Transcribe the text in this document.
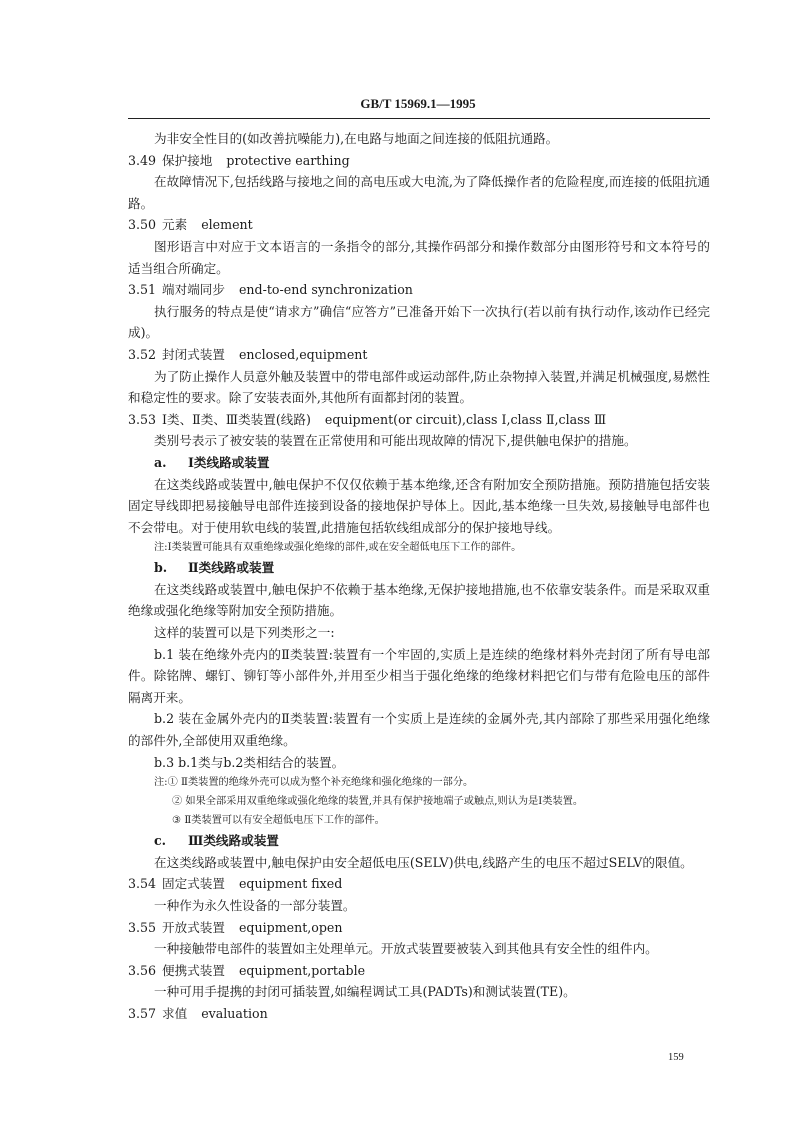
GB/T 15969.1—1995

为非安全性目的(如改善抗噪能力),在电路与地面之间连接的低阻抗通路。

3.49 保护接地 protective earthing

在故障情况下,包括线路与接地之间的高电压或大电流,为了降低操作者的危险程度,而连接的低阻抗通路。

3.50 元素 element

图形语言中对应于文本语言的一条指令的部分,其操作码部分和操作数部分由图形符号和文本符号的适当组合所确定。

3.51 端对端同步 end-to-end synchronization

执行服务的特点是使“请求方”确信“应答方”已准备开始下一次执行(若以前有执行动作,该动作已经完成)。

3.52 封闭式装置 enclosed,equipment

为了防止操作人员意外触及装置中的带电部件或运动部件,防止杂物掉入装置,并满足机械强度,易燃性和稳定性的要求。除了安装表面外,其他所有面都封闭的装置。

3.53 Ⅰ类、Ⅱ类、Ⅲ类装置(线路) equipment(or circuit),class Ⅰ,class Ⅱ,class Ⅲ

类别号表示了被安装的装置在正常使用和可能出现故障的情况下,提供触电保护的措施。

a. Ⅰ类线路或装置

在这类线路或装置中,触电保护不仅仅依赖于基本绝缘,还含有附加安全预防措施。预防措施包括安装固定导线即把易接触导电部件连接到设备的接地保护导体上。因此,基本绝缘一旦失效,易接触导电部件也不会带电。对于使用软电线的装置,此措施包括软线组成部分的保护接地导线。

注:Ⅰ类装置可能具有双重绝缘或强化绝缘的部件,或在安全超低电压下工作的部件。

b. Ⅱ类线路或装置

在这类线路或装置中,触电保护不依赖于基本绝缘,无保护接地措施,也不依靠安装条件。而是采取双重绝缘或强化绝缘等附加安全预防措施。

这样的装置可以是下列类形之一:

b.1 装在绝缘外壳内的Ⅱ类装置:装置有一个牢固的,实质上是连续的绝缘材料外壳封闭了所有导电部件。除铭牌、螺钉、铆钉等小部件外,并用至少相当于强化绝缘的绝缘材料把它们与带有危险电压的部件隔离开来。

b.2 装在金属外壳内的Ⅱ类装置:装置有一个实质上是连续的金属外壳,其内部除了那些采用强化绝缘的部件外,全部使用双重绝缘。

b.3 b.1类与b.2类相结合的装置。

注:① Ⅱ类装置的绝缘外壳可以成为整个补充绝缘和强化绝缘的一部分。

② 如果全部采用双重绝缘或强化绝缘的装置,并具有保护接地端子或触点,则认为是Ⅰ类装置。

③ Ⅱ类装置可以有安全超低电压下工作的部件。

c. Ⅲ类线路或装置

在这类线路或装置中,触电保护由安全超低电压(SELV)供电,线路产生的电压不超过SELV的限值。

3.54 固定式装置 equipment fixed

一种作为永久性设备的一部分装置。

3.55 开放式装置 equipment,open

一种接触带电部件的装置如主处理单元。开放式装置要被装入到其他具有安全性的组件内。

3.56 便携式装置 equipment,portable

一种可用手提携的封闭可插装置,如编程调试工具(PADTs)和测试装置(TE)。

3.57 求值 evaluation

159
